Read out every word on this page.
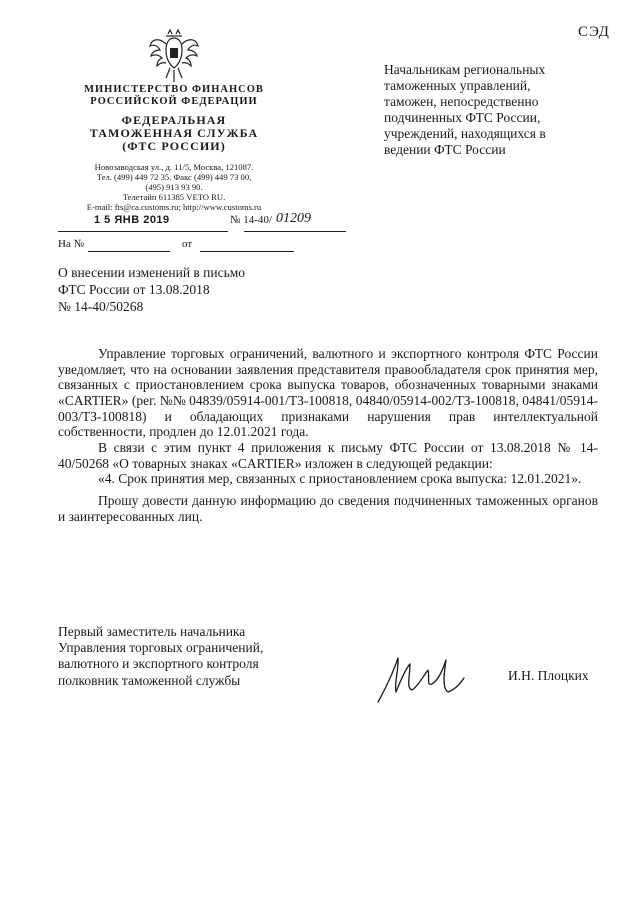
СЭД
МИНИСТЕРСТВО ФИНАНСОВ
РОССИЙСКОЙ ФЕДЕРАЦИИ
ФЕДЕРАЛЬНАЯ
ТАМОЖЕННАЯ СЛУЖБА
(ФТС РОССИИ)
Новозаводская ул., д. 11/5, Москва, 121087.
Тел. (499) 449 72 35. Факс (499) 449 73 00,
(495) 913 93 90.
Телетайп 611385 VETO RU.
E-mail: fts@ca.customs.ru; http://www.customs.ru
1 5 ЯНВ 2019	№ 14-40/ 01209
На №	от
Начальникам региональных
таможенных управлений,
таможен, непосредственно
подчиненных ФТС России,
учреждений, находящихся в
ведении ФТС России
О внесении изменений в письмо
ФТС России от 13.08.2018
№ 14-40/50268

Управление торговых ограничений, валютного и экспортного контроля ФТС России уведомляет, что на основании заявления представителя правообладателя срок принятия мер, связанных с приостановлением срока выпуска товаров, обозначенных товарными знаками «CARTIER» (рег. №№ 04839/05914-001/ТЗ-100818, 04840/05914-002/ТЗ-100818, 04841/05914-003/ТЗ-100818) и обладающих признаками нарушения прав интеллектуальной собственности, продлен до 12.01.2021 года.

В связи с этим пункт 4 приложения к письму ФТС России от 13.08.2018 № 14-40/50268 «О товарных знаках «CARTIER» изложен в следующей редакции:

«4. Срок принятия мер, связанных с приостановлением срока выпуска: 12.01.2021».

Прошу довести данную информацию до сведения подчиненных таможенных органов и заинтересованных лиц.

Первый заместитель начальника
Управления торговых ограничений,
валютного и экспортного контроля
полковник таможенной службы	И.Н. Плоцких
